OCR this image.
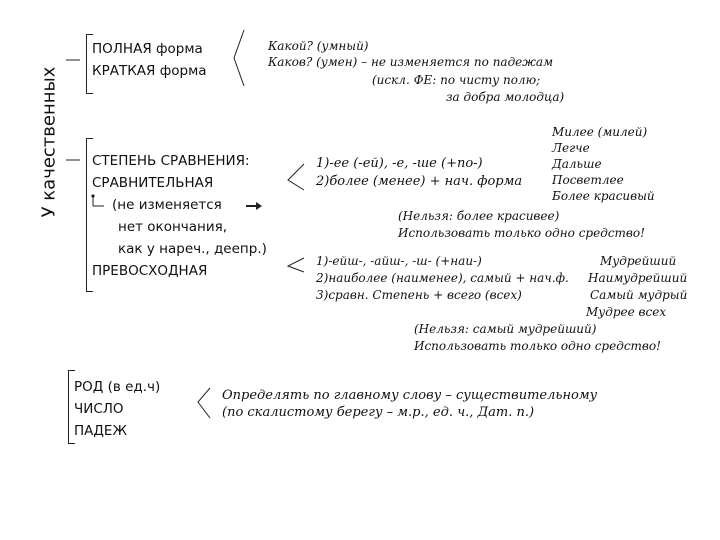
У качественных
ПОЛНАЯ форма
КРАТКАЯ форма
Какой? (умный)
Каков? (умен) – не изменяется по падежам
(искл. ФЕ: по чисту полю;
за добра молодца)
СТЕПЕНЬ СРАВНЕНИЯ:
СРАВНИТЕЛЬНАЯ
(не изменяется
нет окончания,
как у нареч., деепр.)
ПРЕВОСХОДНАЯ
1)-ее (-ей), -е, -ше (+по-)
2)более (менее) + нач. форма
Милее (милей)
Легче
Дальше
Посветлее
Более красивый
(Нельзя: более красивее)
Использовать только одно средство!
1)-ейш-, -айш-, -ш- (+наи-)
2)наиболее (наименее), самый + нач.ф.
3)сравн. Степень + всего (всех)
Мудрейший
Наимудрейший
Самый мудрый
Мудрее всех
(Нельзя: самый мудрейший)
Использовать только одно средство!
РОД (в ед.ч)
ЧИСЛО
ПАДЕЖ
Определять по главному слову – существительному
(по скалистому берегу – м.р., ед. ч., Дат. п.)
